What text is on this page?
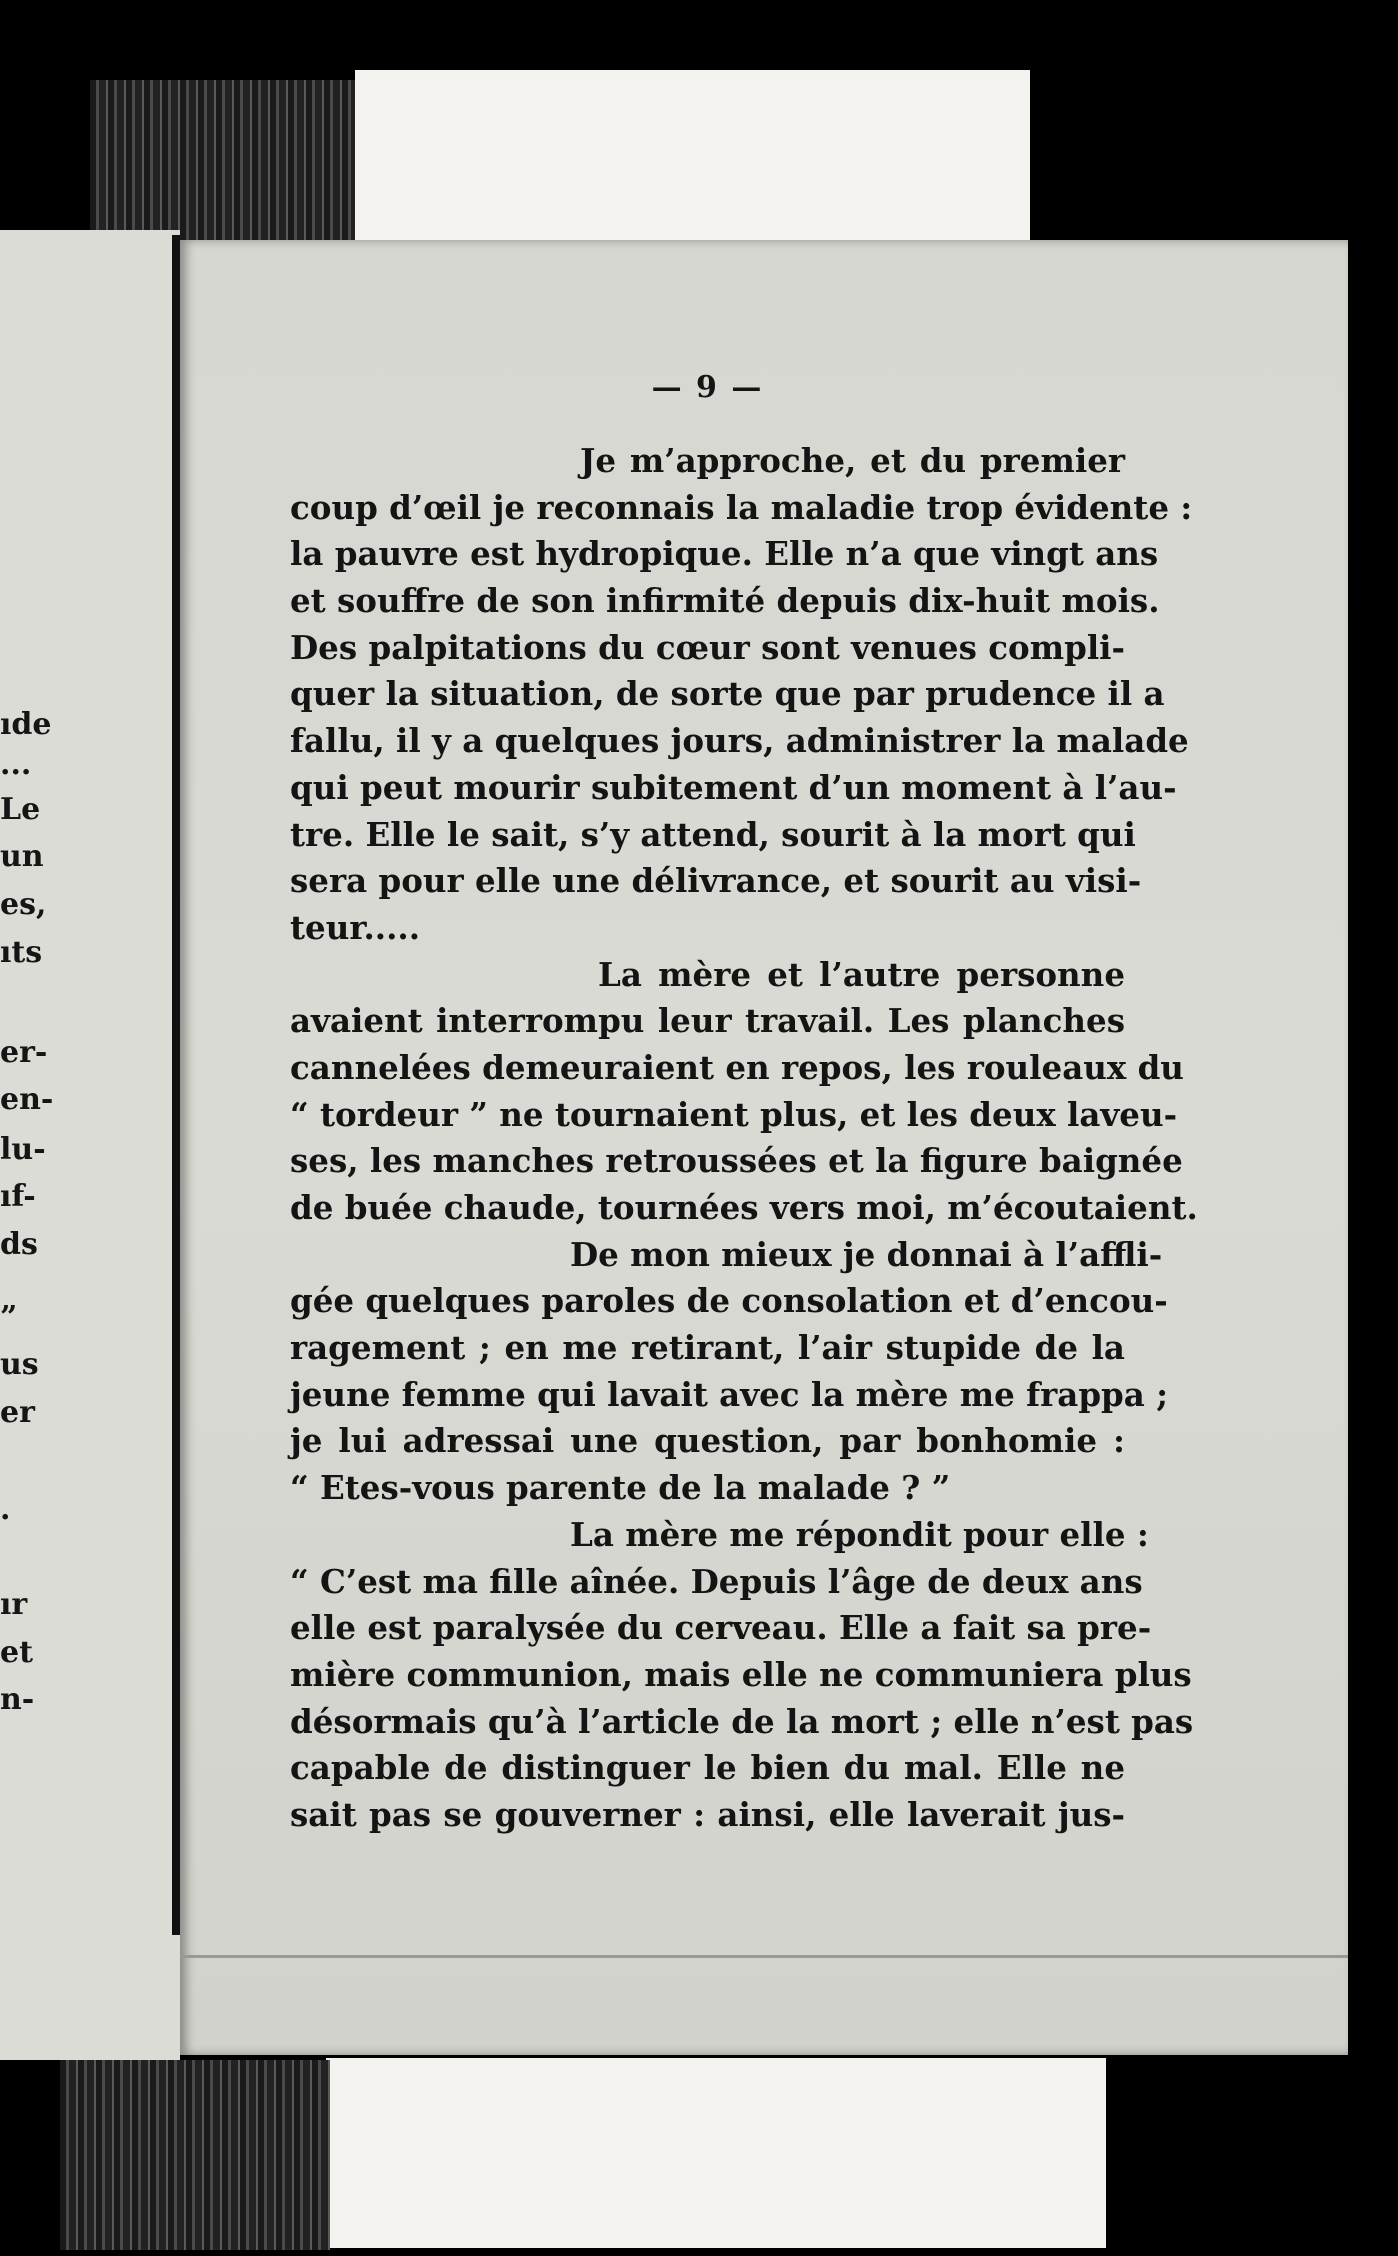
ıde
...
Le
un
es,
ıts
er-
en-
lu-
ıf-
ds
”
us
er
.
ır
et
n-
— 9 —
Je m’approche, et du premier
coup d’œil je reconnais la maladie trop évidente :
la pauvre est hydropique. Elle n’a que vingt ans
et souffre de son infirmité depuis dix-huit mois.
Des palpitations du cœur sont venues compli-
quer la situation, de sorte que par prudence il a
fallu, il y a quelques jours, administrer la malade
qui peut mourir subitement d’un moment à l’au-
tre. Elle le sait, s’y attend, sourit à la mort qui
sera pour elle une délivrance, et sourit au visi-
teur.....
La mère et l’autre personne
avaient interrompu leur travail. Les planches
cannelées demeuraient en repos, les rouleaux du
“ tordeur ” ne tournaient plus, et les deux laveu-
ses, les manches retroussées et la figure baignée
de buée chaude, tournées vers moi, m’écoutaient.
De mon mieux je donnai à l’affli-
gée quelques paroles de consolation et d’encou-
ragement ; en me retirant, l’air stupide de la
jeune femme qui lavait avec la mère me frappa ;
je lui adressai une question, par bonhomie :
“ Etes-vous parente de la malade ? ”
La mère me répondit pour elle :
“ C’est ma fille aînée. Depuis l’âge de deux ans
elle est paralysée du cerveau. Elle a fait sa pre-
mière communion, mais elle ne communiera plus
désormais qu’à l’article de la mort ; elle n’est pas
capable de distinguer le bien du mal. Elle ne
sait pas se gouverner : ainsi, elle laverait jus-
